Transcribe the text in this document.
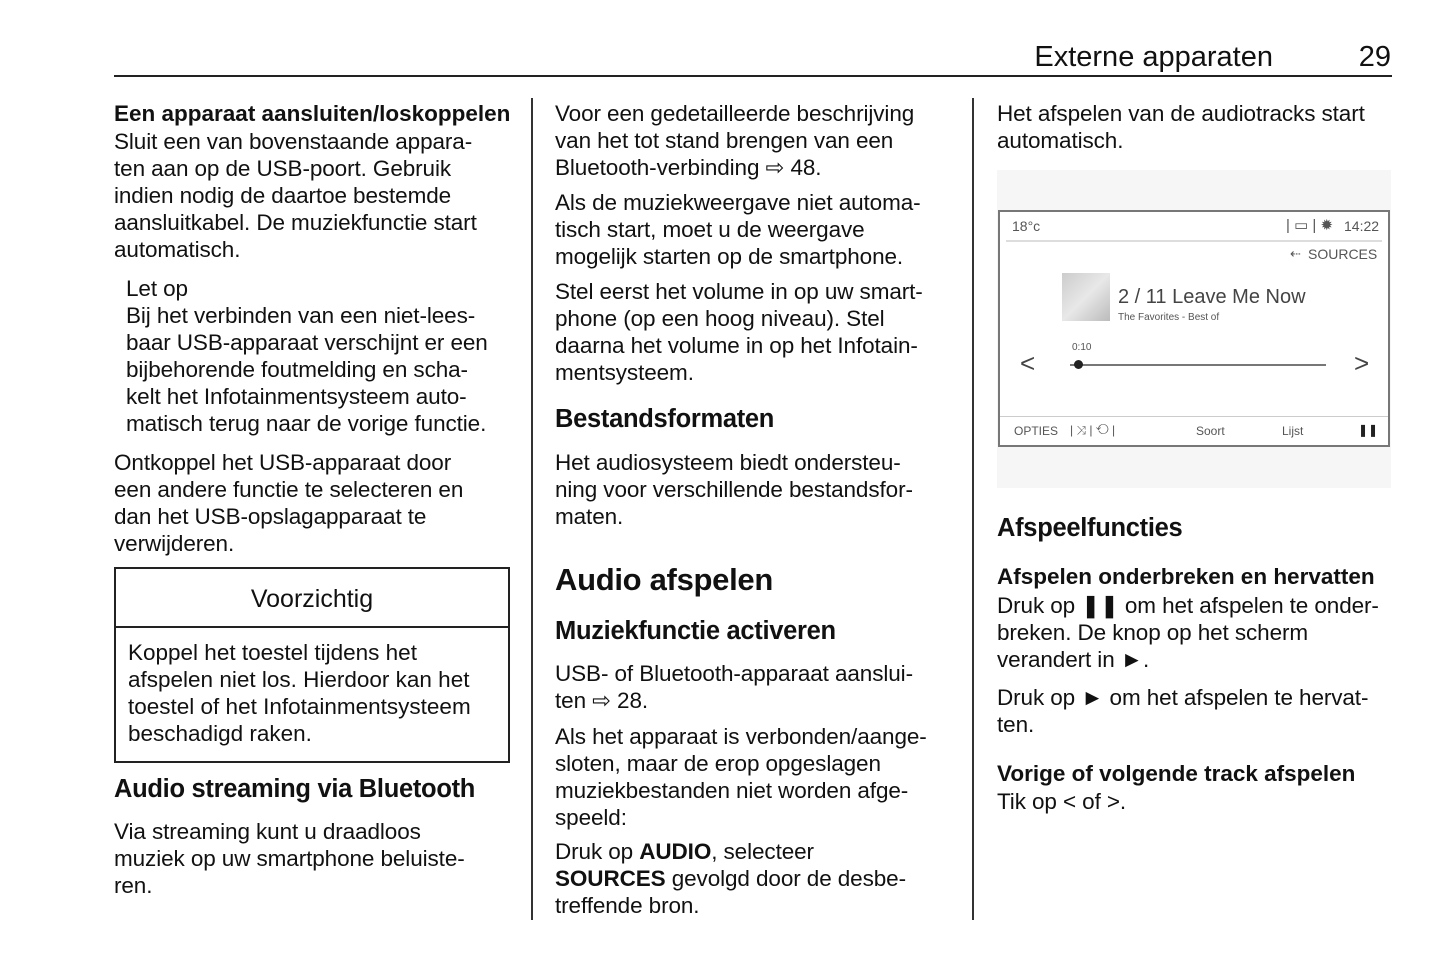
Externe apparaten	29
Een apparaat aansluiten/loskoppelen
Sluit een van bovenstaande appara-
ten aan op de USB-poort. Gebruik
indien nodig de daartoe bestemde
aansluitkabel. De muziekfunctie start
automatisch.
Let op
Bij het verbinden van een niet-lees-
baar USB-apparaat verschijnt er een
bijbehorende foutmelding en scha-
kelt het Infotainmentsysteem auto-
matisch terug naar de vorige functie.
Ontkoppel het USB-apparaat door
een andere functie te selecteren en
dan het USB-opslagapparaat te
verwijderen.
Voorzichtig
Koppel het toestel tijdens het
afspelen niet los. Hierdoor kan het
toestel of het Infotainmentsysteem
beschadigd raken.
Audio streaming via Bluetooth
Via streaming kunt u draadloos
muziek op uw smartphone beluiste-
ren.
Voor een gedetailleerde beschrijving
van het tot stand brengen van een
Bluetooth-verbinding ⇨ 48.
Als de muziekweergave niet automa-
tisch start, moet u de weergave
mogelijk starten op de smartphone.
Stel eerst het volume in op uw smart-
phone (op een hoog niveau). Stel
daarna het volume in op het Infotain-
mentsysteem.
Bestandsformaten
Het audiosysteem biedt ondersteu-
ning voor verschillende bestandsfor-
maten.
Audio afspelen
Muziekfunctie activeren
USB- of Bluetooth-apparaat aanslui-
ten ⇨ 28.
Als het apparaat is verbonden/aange-
sloten, maar de erop opgeslagen
muziekbestanden niet worden afge-
speeld:
Druk op AUDIO, selecteer
SOURCES gevolgd door de desbe-
treffende bron.
Het afspelen van de audiotracks start
automatisch.
18°c	| ▭ | ✹ 14:22
⇠ SOURCES
2 / 11 Leave Me Now
The Favorites - Best of
0:10
<	>
OPTIES | ⤨ | ⟲ |	Soort	Lijst	❚❚
Afspeelfuncties
Afspelen onderbreken en hervatten
Druk op ❚❚ om het afspelen te onder-
breken. De knop op het scherm
verandert in ►.
Druk op ► om het afspelen te hervat-
ten.
Vorige of volgende track afspelen
Tik op < of >.
